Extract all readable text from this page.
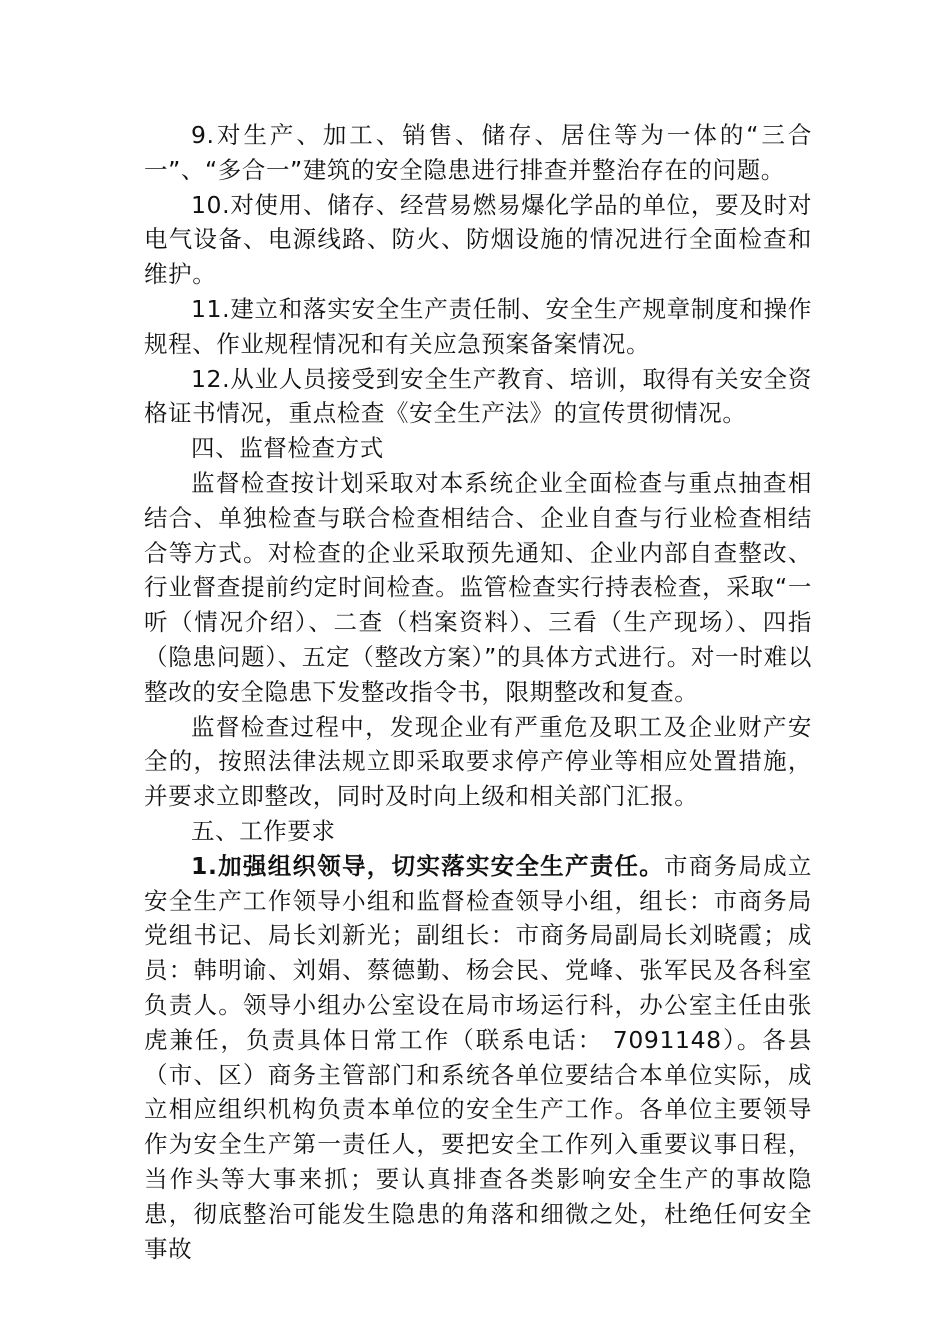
9.对生产、加工、销售、储存、居住等为一体的“三合一”、“多合一”建筑的安全隐患进行排查并整治存在的问题。

10.对使用、储存、经营易燃易爆化学品的单位，要及时对电气设备、电源线路、防火、防烟设施的情况进行全面检查和维护。

11.建立和落实安全生产责任制、安全生产规章制度和操作规程、作业规程情况和有关应急预案备案情况。

12.从业人员接受到安全生产教育、培训，取得有关安全资格证书情况，重点检查《安全生产法》的宣传贯彻情况。

四、监督检查方式

监督检查按计划采取对本系统企业全面检查与重点抽查相结合、单独检查与联合检查相结合、企业自查与行业检查相结合等方式。对检查的企业采取预先通知、企业内部自查整改、行业督查提前约定时间检查。监管检查实行持表检查，采取“一听（情况介绍）、二查（档案资料）、三看（生产现场）、四指（隐患问题）、五定（整改方案）”的具体方式进行。对一时难以整改的安全隐患下发整改指令书，限期整改和复查。

监督检查过程中，发现企业有严重危及职工及企业财产安全的，按照法律法规立即采取要求停产停业等相应处置措施，并要求立即整改，同时及时向上级和相关部门汇报。

五、工作要求

1.加强组织领导，切实落实安全生产责任。市商务局成立安全生产工作领导小组和监督检查领导小组，组长：市商务局党组书记、局长刘新光；副组长：市商务局副局长刘晓霞；成员：韩明谕、刘娟、蔡德勤、杨会民、党峰、张军民及各科室负责人。领导小组办公室设在局市场运行科，办公室主任由张虎兼任，负责具体日常工作（联系电话： 7091148）。各县（市、区）商务主管部门和系统各单位要结合本单位实际，成立相应组织机构负责本单位的安全生产工作。各单位主要领导作为安全生产第一责任人，要把安全工作列入重要议事日程，当作头等大事来抓；要认真排查各类影响安全生产的事故隐患，彻底整治可能发生隐患的角落和细微之处，杜绝任何安全事故
